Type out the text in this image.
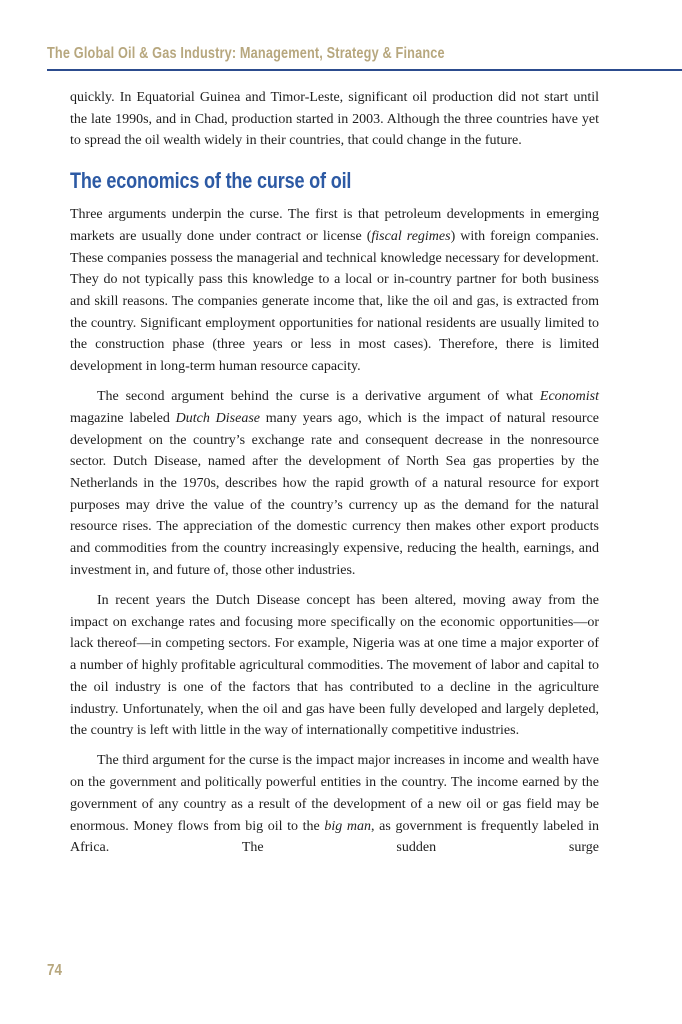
The Global Oil & Gas Industry: Management, Strategy & Finance

quickly. In Equatorial Guinea and Timor-Leste, significant oil production did not start until the late 1990s, and in Chad, production started in 2003. Although the three countries have yet to spread the oil wealth widely in their countries, that could change in the future.

The economics of the curse of oil

Three arguments underpin the curse. The first is that petroleum developments in emerging markets are usually done under contract or license (fiscal regimes) with foreign companies. These companies possess the managerial and technical knowledge necessary for development. They do not typically pass this knowledge to a local or in-country partner for both business and skill reasons. The companies generate income that, like the oil and gas, is extracted from the country. Significant employment opportunities for national residents are usually limited to the construction phase (three years or less in most cases). Therefore, there is limited development in long-term human resource capacity.

The second argument behind the curse is a derivative argument of what Economist magazine labeled Dutch Disease many years ago, which is the impact of natural resource development on the country’s exchange rate and consequent decrease in the nonresource sector. Dutch Disease, named after the development of North Sea gas properties by the Netherlands in the 1970s, describes how the rapid growth of a natural resource for export purposes may drive the value of the country’s currency up as the demand for the natural resource rises. The appreciation of the domestic currency then makes other export products and commodities from the country increasingly expensive, reducing the health, earnings, and investment in, and future of, those other industries.

In recent years the Dutch Disease concept has been altered, moving away from the impact on exchange rates and focusing more specifically on the economic opportunities—or lack thereof—in competing sectors. For example, Nigeria was at one time a major exporter of a number of highly profitable agricultural commodities. The movement of labor and capital to the oil industry is one of the factors that has contributed to a decline in the agriculture industry. Unfortunately, when the oil and gas have been fully developed and largely depleted, the country is left with little in the way of internationally competitive industries.

The third argument for the curse is the impact major increases in income and wealth have on the government and politically powerful entities in the country. The income earned by the government of any country as a result of the development of a new oil or gas field may be enormous. Money flows from big oil to the big man, as government is frequently labeled in Africa. The sudden surge

74
